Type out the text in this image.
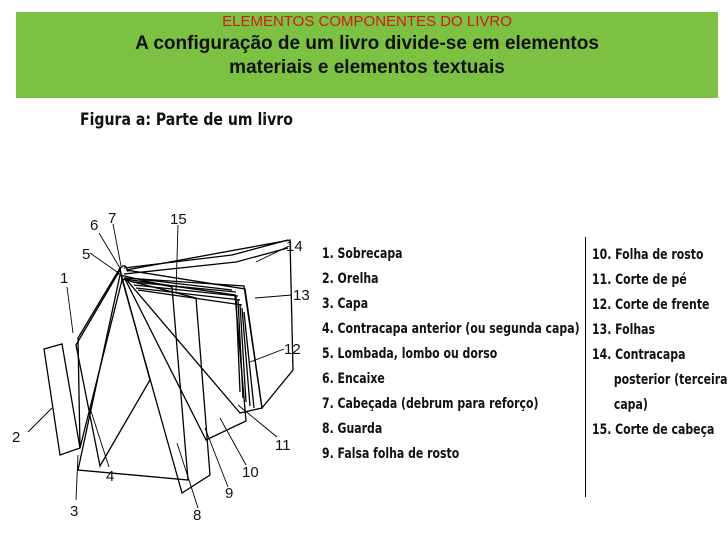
ELEMENTOS COMPONENTES DO LIVRO
A configuração de um livro divide-se em elementos
materiais e elementos textuais
Figura a: Parte de um livro
1
2
3
4
5
6 7
8
9
10
11
12
13
14
15
1. Sobrecapa
2. Orelha
3. Capa
4. Contracapa anterior (ou segunda capa)
5. Lombada, lombo ou dorso
6. Encaixe
7. Cabeçada (debrum para reforço)
8. Guarda
9. Falsa folha de rosto
10. Folha de rosto
11. Corte de pé
12. Corte de frente
13. Folhas
14. Contracapa
posterior (terceira
capa)
15. Corte de cabeça
